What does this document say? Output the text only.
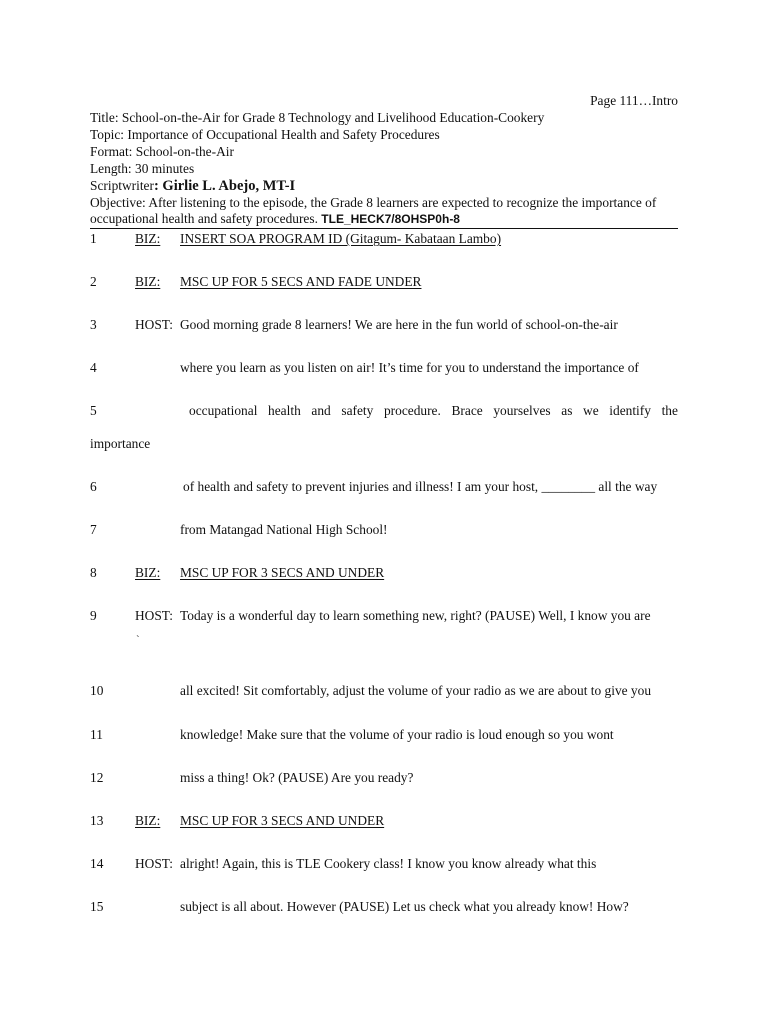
Page 111…Intro
Title: School-on-the-Air for Grade 8 Technology and Livelihood Education-Cookery
Topic: Importance of Occupational Health and Safety Procedures
Format: School-on-the-Air
Length: 30 minutes
Scriptwriter: Girlie L. Abejo, MT-I
Objective: After listening to the episode, the Grade 8 learners are expected to recognize the importance of
occupational health and safety procedures. TLE_HECK7/8OHSP0h-8
1	BIZ: INSERT SOA PROGRAM ID (Gitagum- Kabataan Lambo)
2	BIZ: MSC UP FOR 5 SECS AND FADE UNDER
3	HOST: Good morning grade 8 learners! We are here in the fun world of school-on-the-air
4	where you learn as you listen on air! It’s time for you to understand the importance of
5	occupational health and safety procedure. Brace yourselves as we identify the
importance
6	of health and safety to prevent injuries and illness! I am your host, ________ all the way
7	from Matangad National High School!
8	BIZ: MSC UP FOR 3 SECS AND UNDER
9	HOST: Today is a wonderful day to learn something new, right? (PAUSE) Well, I know you are
`
10	all excited! Sit comfortably, adjust the volume of your radio as we are about to give you
11	knowledge! Make sure that the volume of your radio is loud enough so you wont
12	miss a thing! Ok? (PAUSE) Are you ready?
13 BIZ: MSC UP FOR 3 SECS AND UNDER
14 HOST: alright! Again, this is TLE Cookery class! I know you know already what this
15	subject is all about. However (PAUSE) Let us check what you already know! How?
